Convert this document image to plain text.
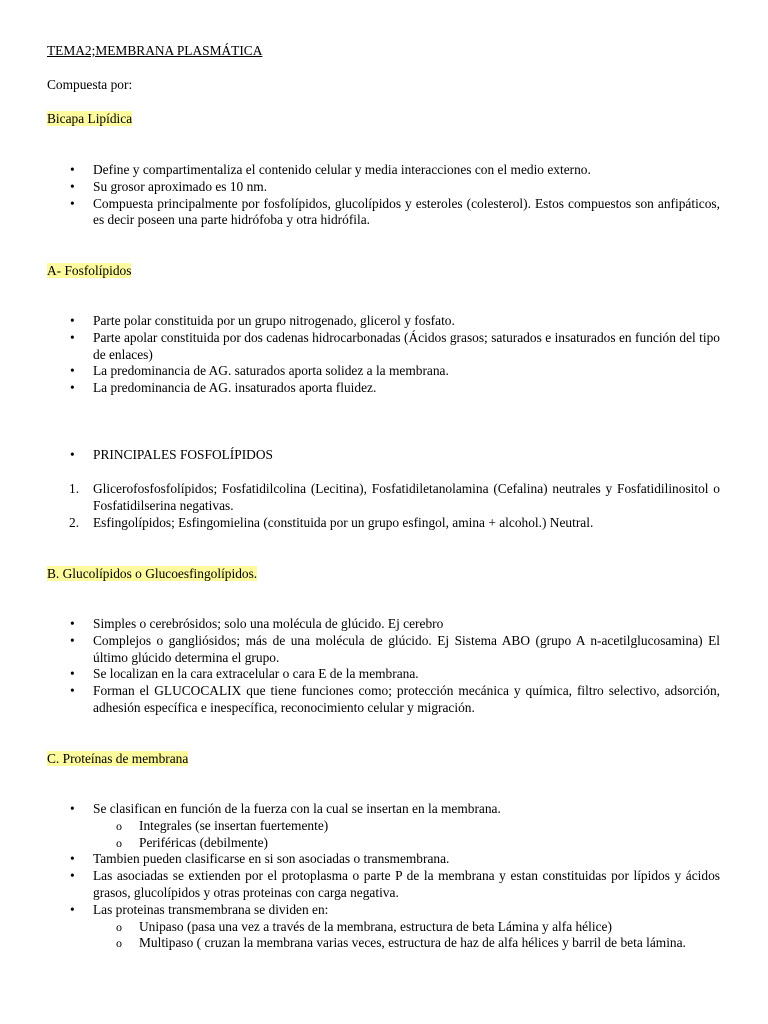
TEMA2;MEMBRANA PLASMÁTICA
Compuesta por:
Bicapa Lipídica
• Define y compartimentaliza el contenido celular y media interacciones con el medio externo.
• Su grosor aproximado es 10 nm.
• Compuesta principalmente por fosfolípidos, glucolípidos y esteroles (colesterol). Estos compuestos son anfipáticos, es decir poseen una parte hidrófoba y otra hidrófila.
A- Fosfolípidos
• Parte polar constituida por un grupo nitrogenado, glicerol y fosfato.
• Parte apolar constituida por dos cadenas hidrocarbonadas (Ácidos grasos; saturados e insaturados en función del tipo de enlaces)
• La predominancia de AG. saturados aporta solidez a la membrana.
• La predominancia de AG. insaturados aporta fluidez.
• PRINCIPALES FOSFOLÍPIDOS
1. Glicerofosfosfolípidos; Fosfatidilcolina (Lecitina), Fosfatidiletanolamina (Cefalina) neutrales y Fosfatidilinositol o Fosfatidilserina negativas.
2. Esfingolípidos; Esfingomielina (constituida por un grupo esfingol, amina + alcohol.) Neutral.
B. Glucolípidos o Glucoesfingolípidos.
• Simples o cerebrósidos; solo una molécula de glúcido. Ej cerebro
• Complejos o gangliósidos; más de una molécula de glúcido. Ej Sistema ABO (grupo A n-acetilglucosamina) El último glúcido determina el grupo.
• Se localizan en la cara extracelular o cara E de la membrana.
• Forman el GLUCOCALIX que tiene funciones como; protección mecánica y química, filtro selectivo, adsorción, adhesión específica e inespecífica, reconocimiento celular y migración.
C. Proteínas de membrana
• Se clasifican en función de la fuerza con la cual se insertan en la membrana.
o Integrales (se insertan fuertemente)
o Periféricas (debilmente)
• Tambien pueden clasificarse en si son asociadas o transmembrana.
• Las asociadas se extienden por el protoplasma o parte P de la membrana y estan constituidas por lípidos y ácidos grasos, glucolípidos y otras proteinas con carga negativa.
• Las proteinas transmembrana se dividen en:
o Unipaso (pasa una vez a través de la membrana, estructura de beta Lámina y alfa hélice)
o Multipaso ( cruzan la membrana varias veces, estructura de haz de alfa hélices y barril de beta lámina.
